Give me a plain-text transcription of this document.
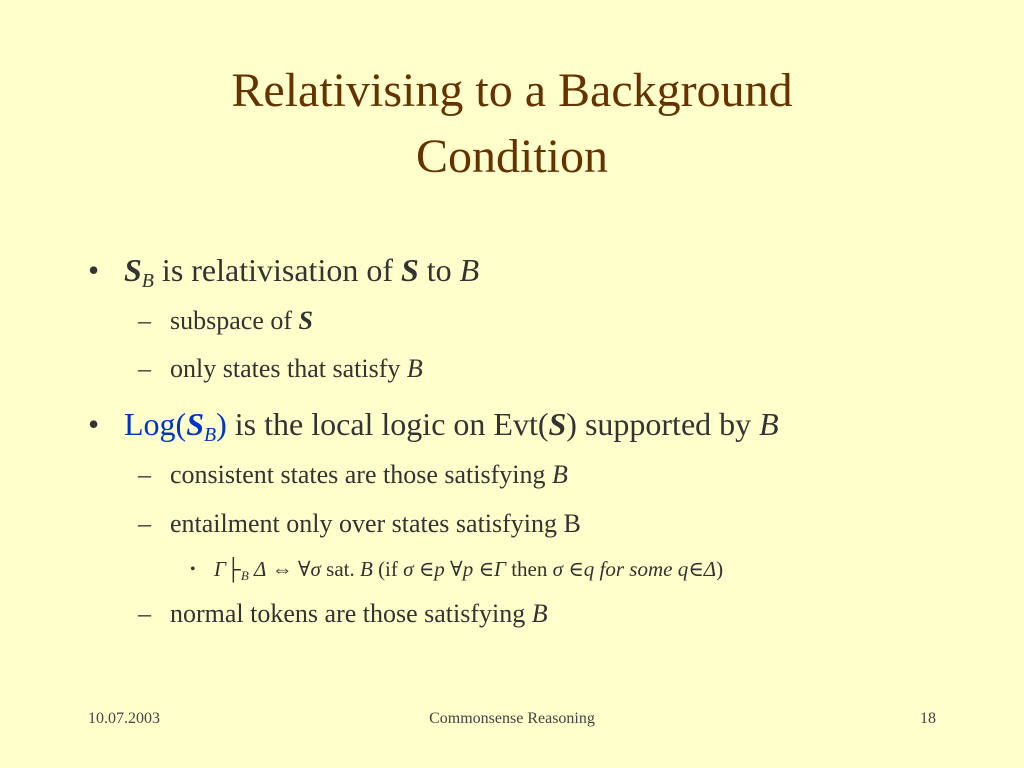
Relativising to a Background
Condition
• $S_B$ is relativisation of S to B
– subspace of S
– only states that satisfy B
• $Log(S_B)$ is the local logic on Evt(S) supported by B
– consistent states are those satisfying B
– entailment only over states satisfying B
• $\Gamma├_B$ Δ ⇔ ∀σ sat. B (if σ ∈p ∀p ∈Γ then σ ∈q for some q∈Δ)
– normal tokens are those satisfying B
10.07.2003	Commonsense Reasoning	18
